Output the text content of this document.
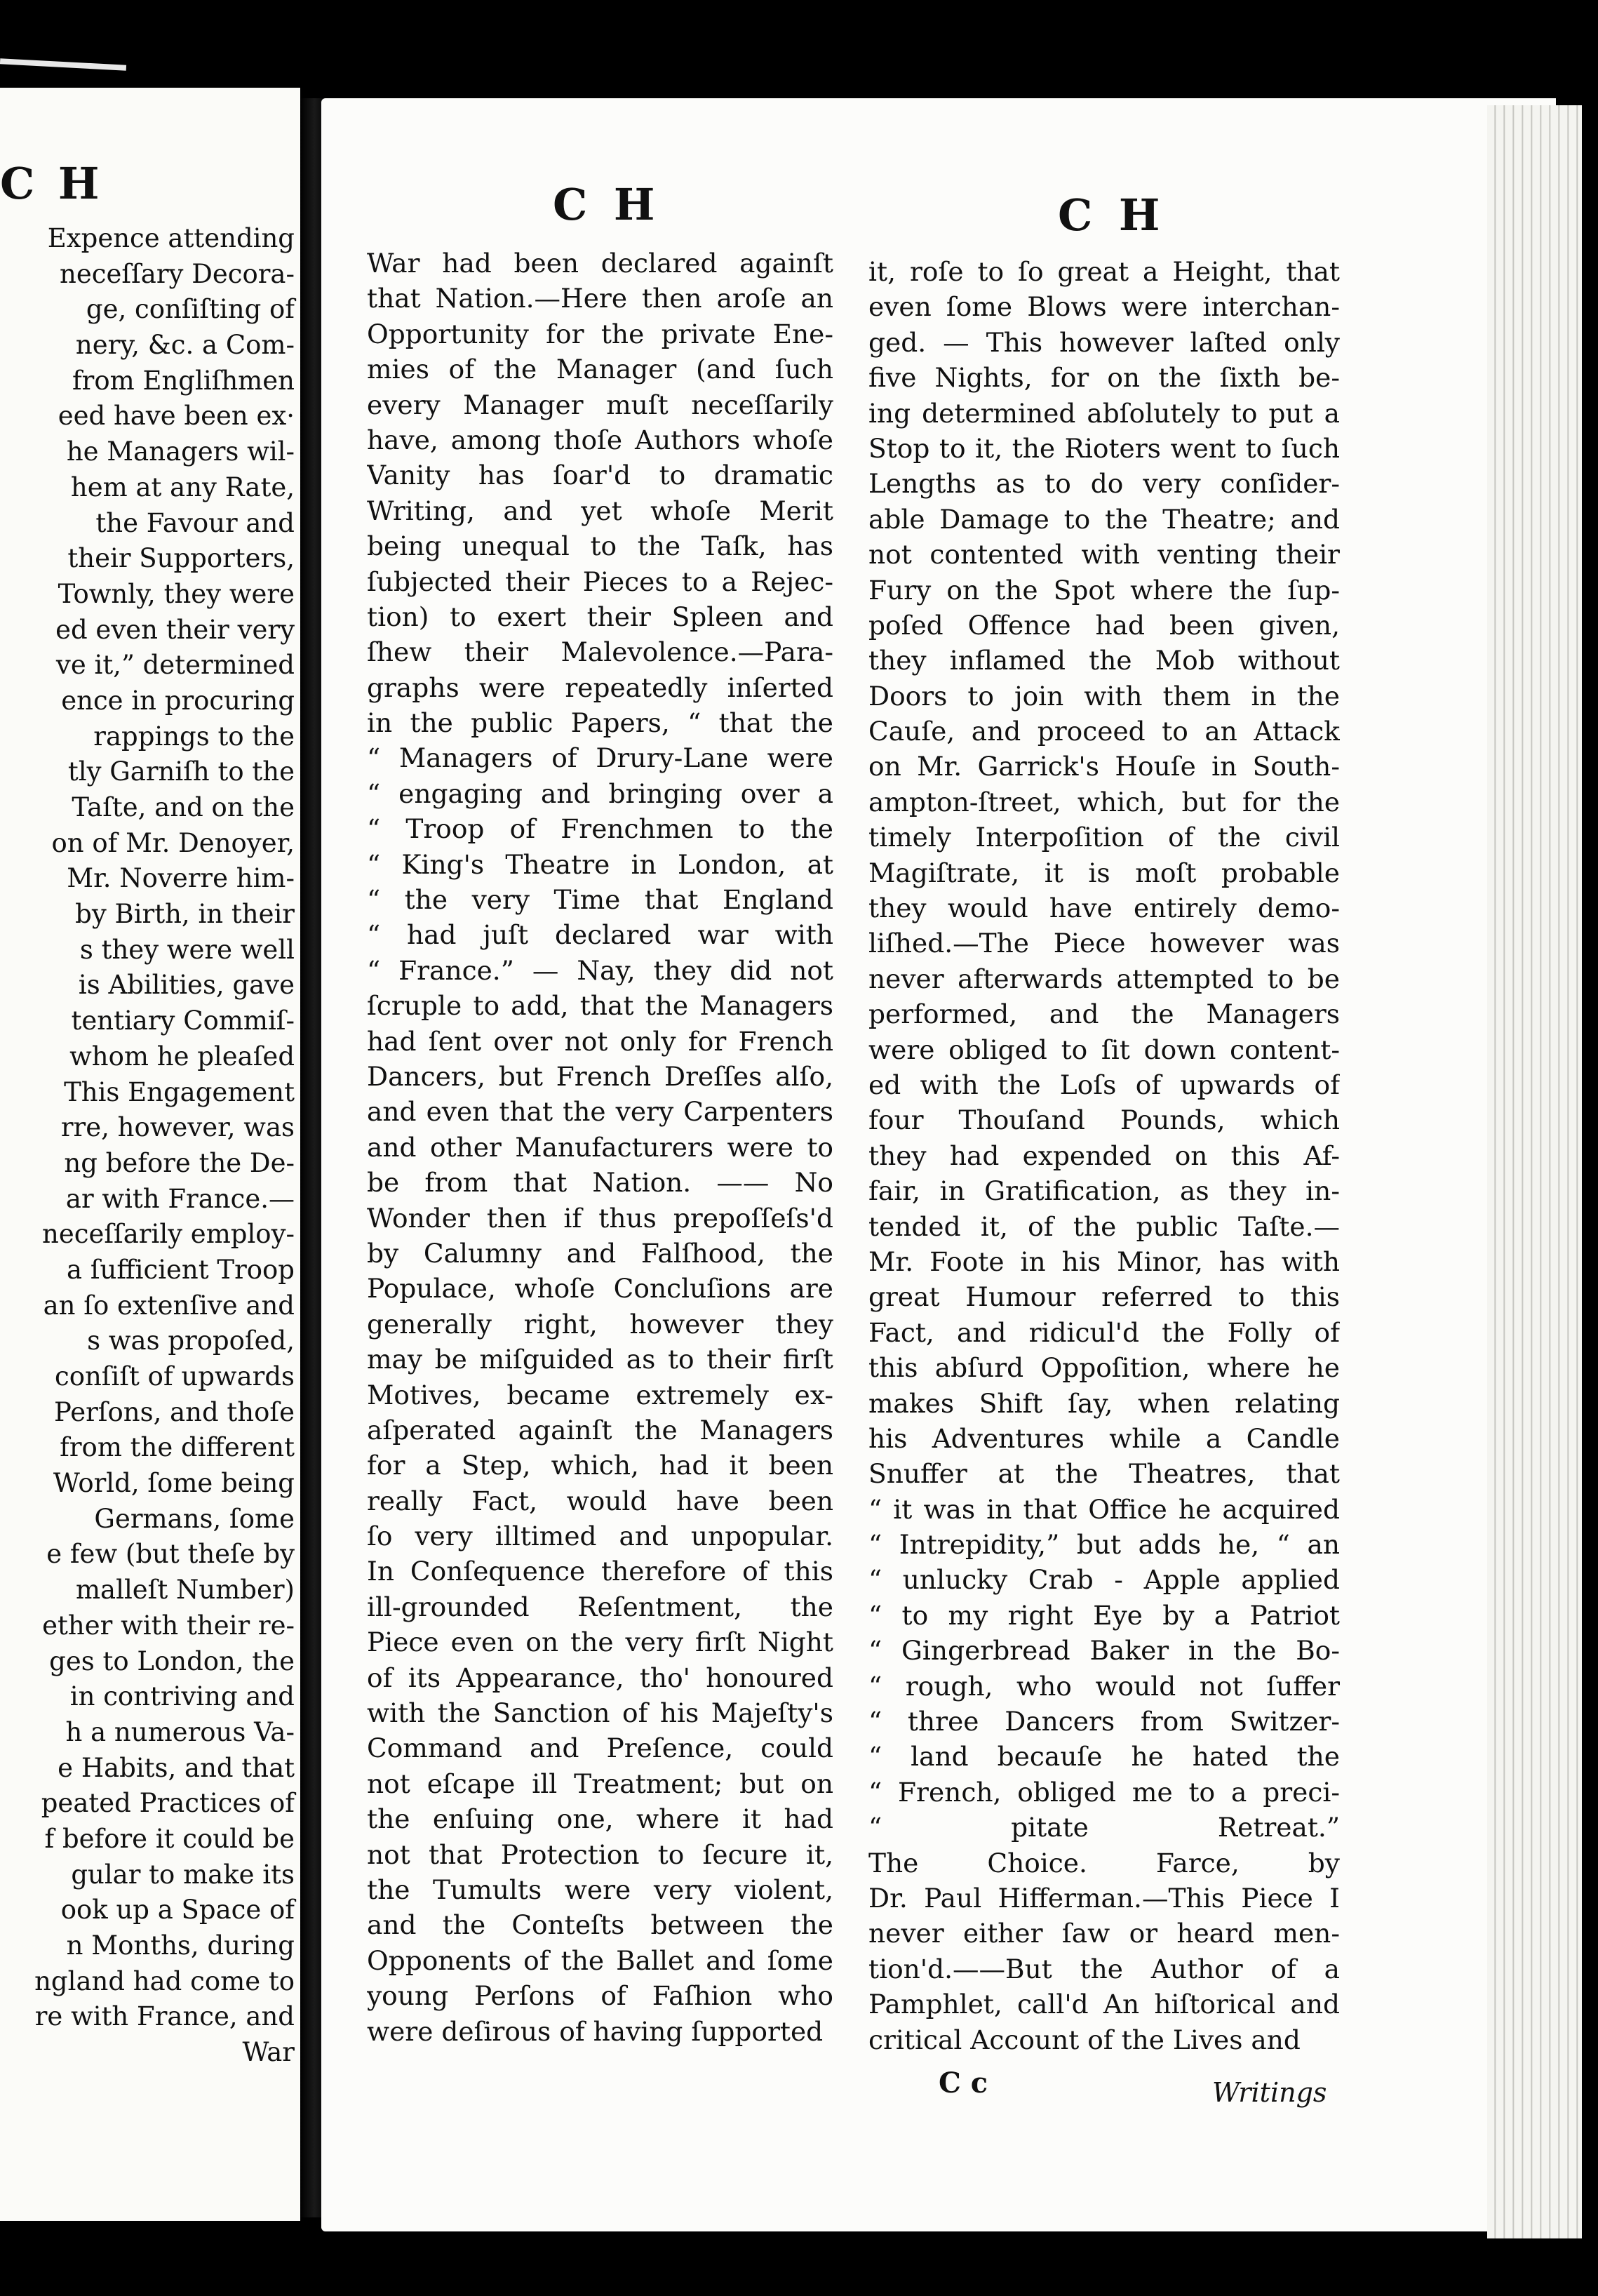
C H
Expence attending
neceſſary Decora-
ge, conſiſting of
nery, &c. a Com-
from Engliſhmen
eed have been ex·
he Managers wil-
hem at any Rate,
the Favour and
their Supporters,
Townly, they were
ed even their very
ve it,” determined
ence in procuring
rappings to the
tly Garniſh to the
Taſte, and on the
on of Mr. Denoyer,
Mr. Noverre him-
by Birth, in their
s they were well
is Abilities, gave
tentiary Commiſ-
whom he pleaſed
This Engagement
rre, however, was
ng before the De-
ar with France.—
neceſſarily employ-
a ſufficient Troop
an ſo extenſive and
s was propoſed,
conſiſt of upwards
Perſons, and thoſe
from the different
World, ſome being
Germans, ſome
e few (but theſe by
malleſt Number)
ether with their re-
ges to London, the
in contriving and
h a numerous Va-
e Habits, and that
peated Practices of
f before it could be
gular to make its
ook up a Space of
n Months, during
ngland had come to
re with France, and
War
C H	C H
War had been declared againſt
that Nation.—Here then aroſe an
Opportunity for the private Ene-
mies of the Manager (and ſuch
every Manager muſt neceſſarily
have, among thoſe Authors whoſe
Vanity has ſoar'd to dramatic
Writing, and yet whoſe Merit
being unequal to the Taſk, has
ſubjected their Pieces to a Rejec-
tion) to exert their Spleen and
ſhew their Malevolence.—Para-
graphs were repeatedly inſerted
in the public Papers, “ that the
“ Managers of Drury-Lane were
“ engaging and bringing over a
“ Troop of Frenchmen to the
“ King's Theatre in London, at
“ the very Time that England
“ had juſt declared war with
“ France.” — Nay, they did not
ſcruple to add, that the Managers
had ſent over not only for French
Dancers, but French Dreſſes alſo,
and even that the very Carpenters
and other Manufacturers were to
be from that Nation. —— No
Wonder then if thus prepoſſeſs'd
by Calumny and Falſhood, the
Populace, whoſe Concluſions are
generally right, however they
may be miſguided as to their firſt
Motives, became extremely ex-
aſperated againſt the Managers
for a Step, which, had it been
really Fact, would have been
ſo very illtimed and unpopular.
In Conſequence therefore of this
ill-grounded Reſentment, the
Piece even on the very firſt Night
of its Appearance, tho' honoured
with the Sanction of his Majeſty's
Command and Preſence, could
not eſcape ill Treatment; but on
the enſuing one, where it had
not that Protection to ſecure it,
the Tumults were very violent,
and the Conteſts between the
Opponents of the Ballet and ſome
young Perſons of Faſhion who
were deſirous of having ſupported
it, roſe to ſo great a Height, that
even ſome Blows were interchan-
ged. — This however laſted only
five Nights, for on the ſixth be-
ing determined abſolutely to put a
Stop to it, the Rioters went to ſuch
Lengths as to do very conſider-
able Damage to the Theatre; and
not contented with venting their
Fury on the Spot where the ſup-
poſed Offence had been given,
they inflamed the Mob without
Doors to join with them in the
Cauſe, and proceed to an Attack
on Mr. Garrick's Houſe in South-
ampton-ſtreet, which, but for the
timely Interpoſition of the civil
Magiſtrate, it is moſt probable
they would have entirely demo-
liſhed.—The Piece however was
never afterwards attempted to be
performed, and the Managers
were obliged to ſit down content-
ed with the Loſs of upwards of
four Thouſand Pounds, which
they had expended on this Af-
fair, in Gratification, as they in-
tended it, of the public Taſte.—
Mr. Foote in his Minor, has with
great Humour referred to this
Fact, and ridicul'd the Folly of
this abſurd Oppoſition, where he
makes Shift ſay, when relating
his Adventures while a Candle
Snuffer at the Theatres, that
“ it was in that Office he acquired
“ Intrepidity,” but adds he, “ an
“ unlucky Crab - Apple applied
“ to my right Eye by a Patriot
“ Gingerbread Baker in the Bo-
“ rough, who would not ſuffer
“ three Dancers from Switzer-
“ land becauſe he hated the
“ French, obliged me to a preci-
“ pitate Retreat.”
The Choice. Farce, by
Dr. Paul Hifferman.—This Piece I
never either ſaw or heard men-
tion'd.——But the Author of a
Pamphlet, call'd An hiſtorical and
critical Account of the Lives and
C c	Writings
